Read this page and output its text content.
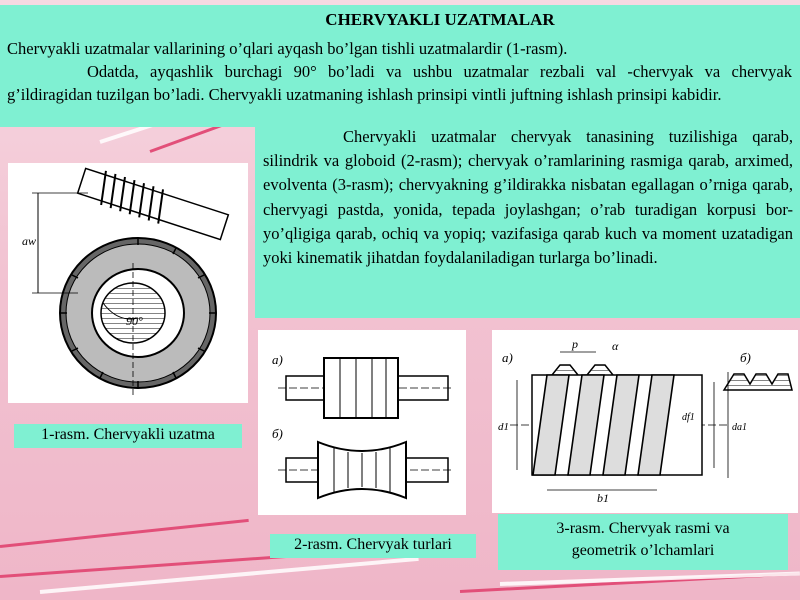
CHERVYAKLI UZATMALAR
Chervyakli uzatmalar vallarining o’qlari ayqash bo’lgan tishli uzatmalardir (1-rasm).
Odatda, ayqashlik burchagi 90° bo’ladi va ushbu uzatmalar rezbali val -chervyak va chervyak g’ildiragidan tuzilgan bo’ladi. Chervyakli uzatmaning ishlash prinsipi vintli juftning ishlash prinsipi kabidir.
Chervyakli uzatmalar chervyak tanasining tuzilishiga qarab, silindrik va globoid (2-rasm); chervyak o’ramlarining rasmiga qarab, arximed, evolventa (3-rasm); chervyakning g’ildirakka nisbatan egallagan o’rniga qarab, chervyagi pastda, yonida, tepada joylashgan; o’rab turadigan korpusi bor-yo’qligiga qarab, ochiq va yopiq; vazifasiga qarab kuch va moment uzatadigan yoki kinematik jihatdan foydalaniladigan turlarga bo’linadi.
90°
aw
1-rasm. Chervyakli uzatma
a)
б)
2-rasm. Chervyak turlari
a)	б)
p	α
d1
df1
da1
b1
3-rasm. Chervyak rasmi va
geometrik o’lchamlari
